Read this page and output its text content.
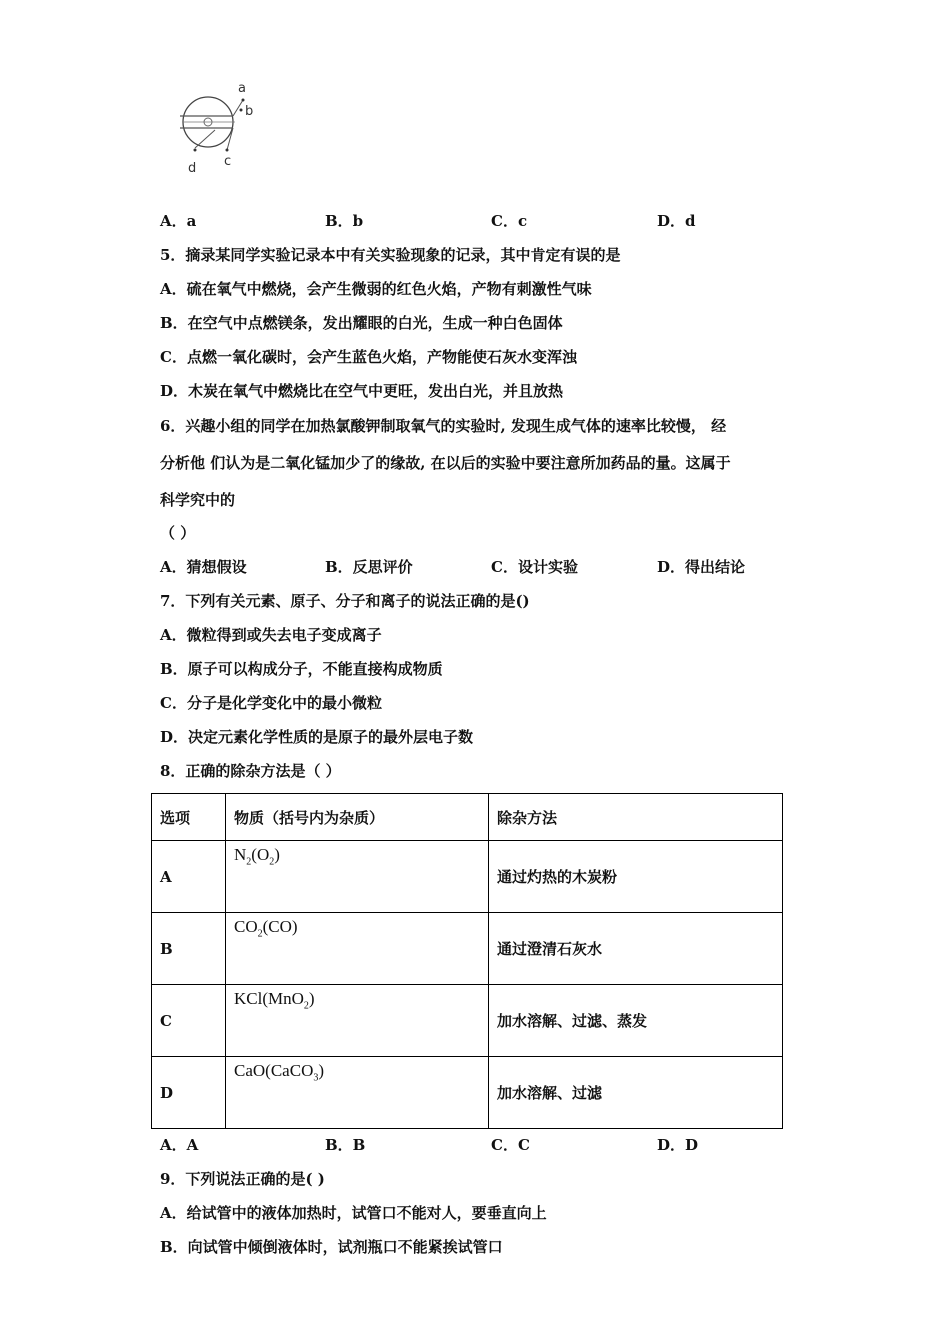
a
b
c
d
A．a	B．b	C．c	D．d
5．摘录某同学实验记录本中有关实验现象的记录，其中肯定有误的是
A．硫在氧气中燃烧，会产生微弱的红色火焰，产物有刺激性气味
B．在空气中点燃镁条，发出耀眼的白光，生成一种白色固体
C．点燃一氧化碳时，会产生蓝色火焰，产物能使石灰水变浑浊
D．木炭在氧气中燃烧比在空气中更旺，发出白光，并且放热
6．兴趣小组的同学在加热氯酸钾制取氧气的实验时, 发现生成气体的速率比较慢， 经
分析他 们认为是二氧化锰加少了的缘故, 在以后的实验中要注意所加药品的量。这属于
科学究中的
（ ）
A．猜想假设	B．反思评价	C．设计实验	D．得出结论
7．下列有关元素、原子、分子和离子的说法正确的是()
A．微粒得到或失去电子变成离子
B．原子可以构成分子，不能直接构成物质
C．分子是化学变化中的最小微粒
D．决定元素化学性质的是原子的最外层电子数
8．正确的除杂方法是（ ）
选项	物质（括号内为杂质）	除杂方法
A	$N_2(O_2)$	通过灼热的木炭粉
B	$CO_2(CO)$	通过澄清石灰水
C	KCl(MnO$_2$)	加水溶解、过滤、蒸发
D	CaO(CaCO$_3$)	加水溶解、过滤
A．A	B．B	C．C	D．D
9．下列说法正确的是( )
A．给试管中的液体加热时，试管口不能对人，要垂直向上
B．向试管中倾倒液体时，试剂瓶口不能紧挨试管口
